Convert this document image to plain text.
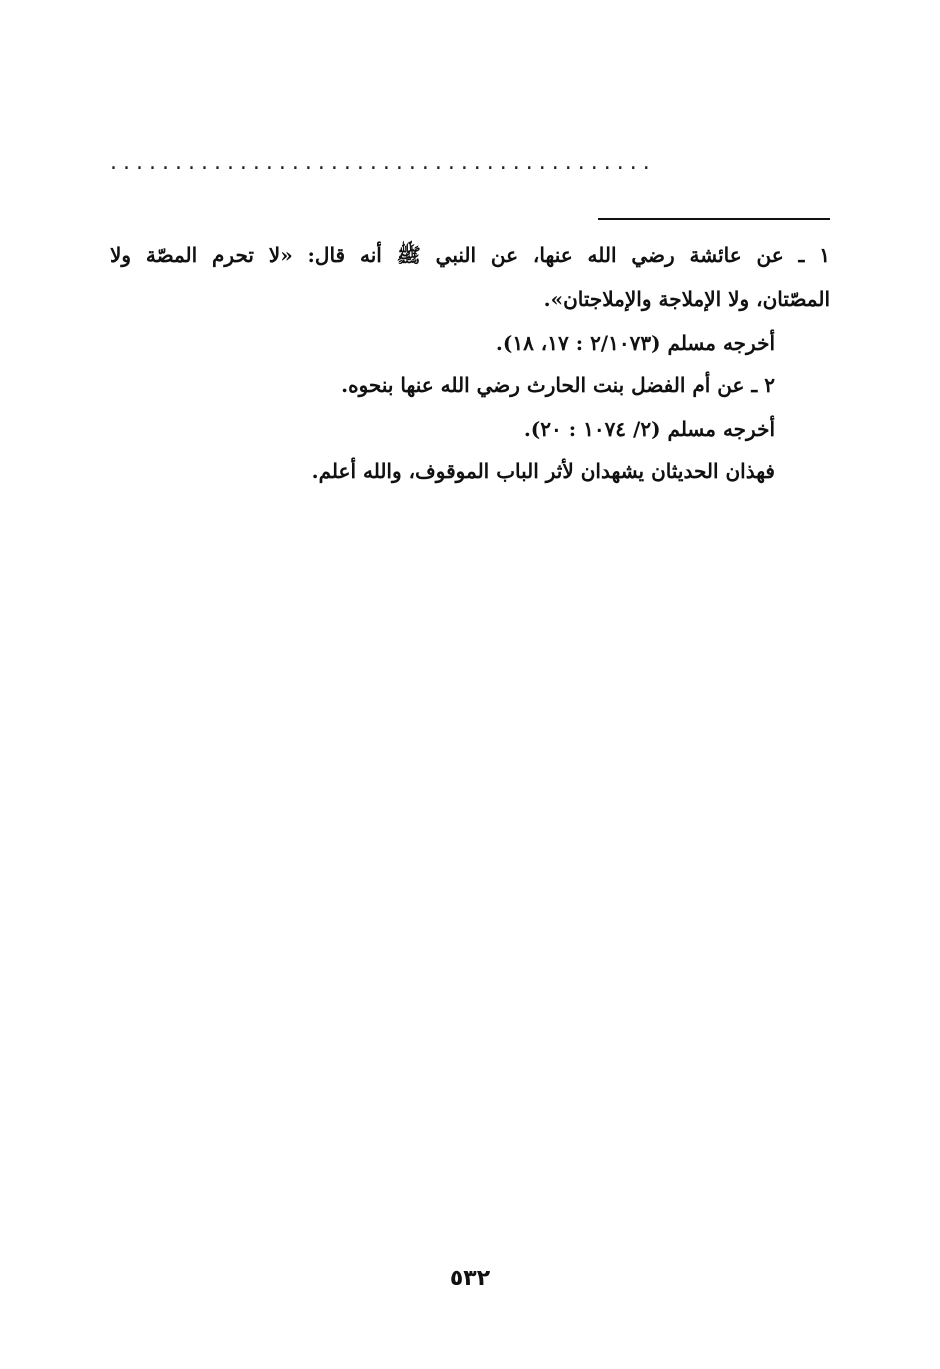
..........................................
١ ـ عن عائشة رضي الله عنها، عن النبي ﷺ أنه قال: «لا تحرم المصّة ولا
المصّتان، ولا الإملاجة والإملاجتان».
أخرجه مسلم (٢/١٠٧٣ : ١٧، ١٨).
٢ ـ عن أم الفضل بنت الحارث رضي الله عنها بنحوه.
أخرجه مسلم (٢/ ١٠٧٤ : ٢٠).
فهذان الحديثان يشهدان لأثر الباب الموقوف، والله أعلم.
٥٣٢
